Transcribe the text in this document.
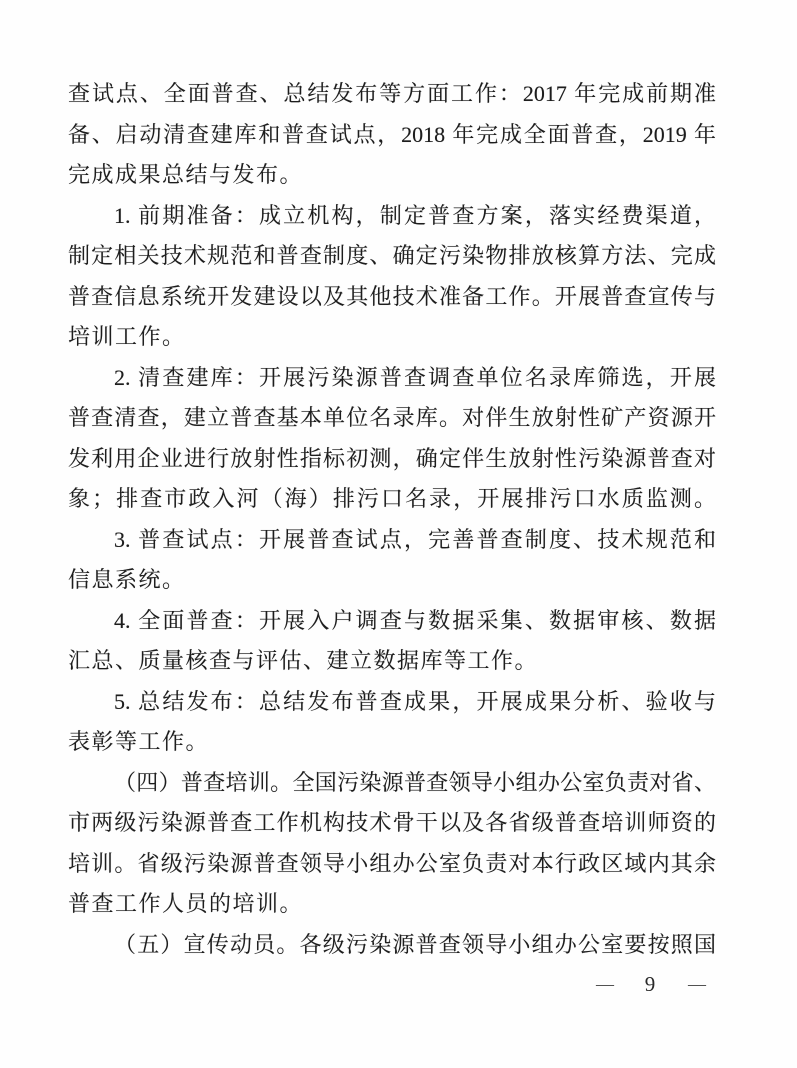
查试点、全面普查、总结发布等方面工作：2017 年完成前期准
备、启动清查建库和普查试点，2018 年完成全面普查，2019 年
完成成果总结与发布。
1. 前期准备：成立机构，制定普查方案，落实经费渠道，
制定相关技术规范和普查制度、确定污染物排放核算方法、完成
普查信息系统开发建设以及其他技术准备工作。开展普查宣传与
培训工作。
2. 清查建库：开展污染源普查调查单位名录库筛选，开展
普查清查，建立普查基本单位名录库。对伴生放射性矿产资源开
发利用企业进行放射性指标初测，确定伴生放射性污染源普查对
象；排查市政入河（海）排污口名录，开展排污口水质监测。
3. 普查试点：开展普查试点，完善普查制度、技术规范和
信息系统。
4. 全面普查：开展入户调查与数据采集、数据审核、数据
汇总、质量核查与评估、建立数据库等工作。
5. 总结发布：总结发布普查成果，开展成果分析、验收与
表彰等工作。
（四）普查培训。全国污染源普查领导小组办公室负责对省、
市两级污染源普查工作机构技术骨干以及各省级普查培训师资的
培训。省级污染源普查领导小组办公室负责对本行政区域内其余
普查工作人员的培训。
（五）宣传动员。各级污染源普查领导小组办公室要按照国
— 9 —
